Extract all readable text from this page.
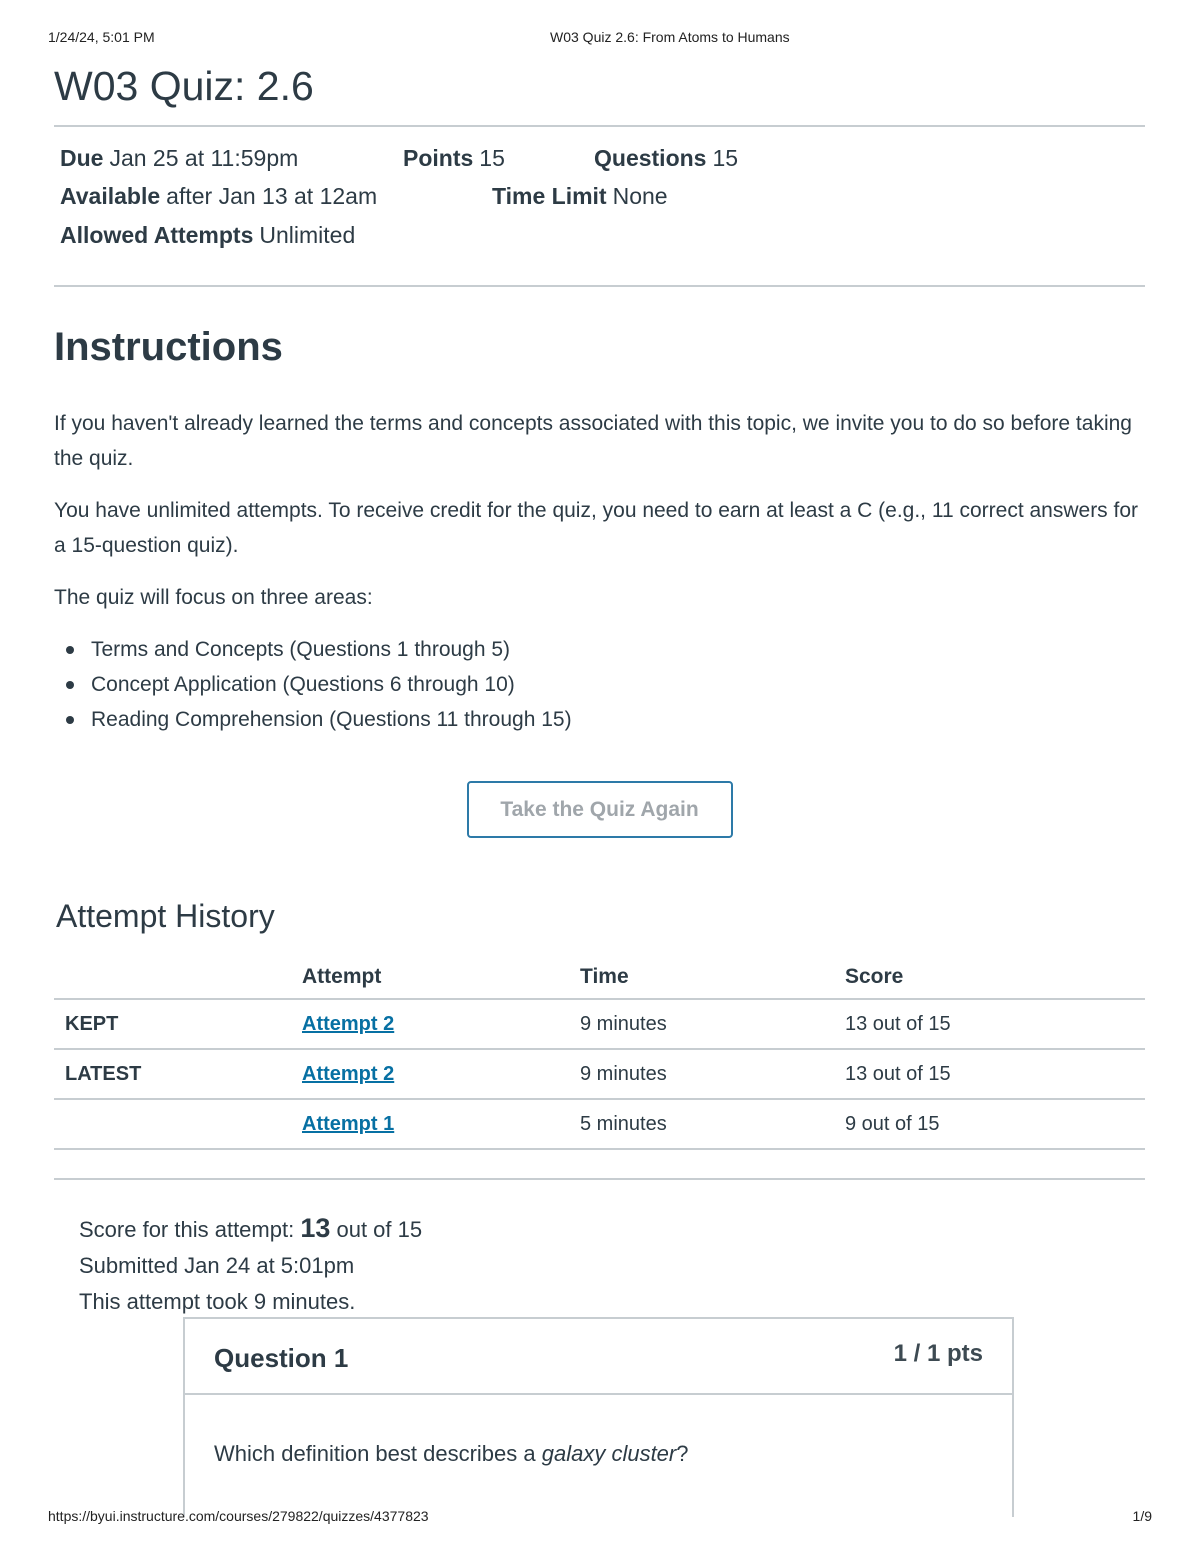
1/24/24, 5:01 PM	W03 Quiz 2.6: From Atoms to Humans
W03 Quiz: 2.6
Due Jan 25 at 11:59pm	Points 15	Questions 15
Available after Jan 13 at 12am	Time Limit None
Allowed Attempts Unlimited
Instructions

If you haven't already learned the terms and concepts associated with this topic, we invite you to do so before taking the quiz.

You have unlimited attempts. To receive credit for the quiz, you need to earn at least a C (e.g., 11 correct answers for a 15-question quiz).

The quiz will focus on three areas:

Terms and Concepts (Questions 1 through 5)
Concept Application (Questions 6 through 10)
Reading Comprehension (Questions 11 through 15)
Take the Quiz Again
Attempt History
	Attempt	Time	Score
KEPT	Attempt 2	9 minutes	13 out of 15
LATEST	Attempt 2	9 minutes	13 out of 15
	Attempt 1	5 minutes	9 out of 15
Score for this attempt: 13 out of 15
Submitted Jan 24 at 5:01pm
This attempt took 9 minutes.
Question 1	1 / 1 pts
Which definition best describes a galaxy cluster?
https://byui.instructure.com/courses/279822/quizzes/4377823	1/9
